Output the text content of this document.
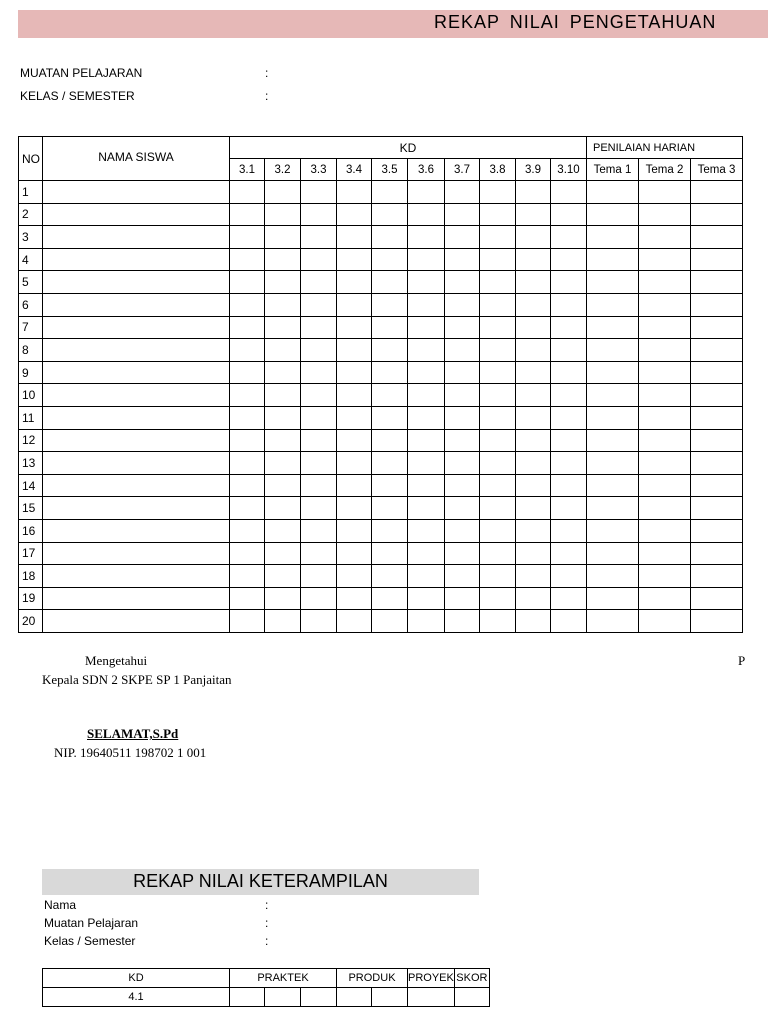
REKAP NILAI PENGETAHUAN
MUATAN PELAJARAN	:
KELAS / SEMESTER	:
NO	NAMA SISWA	KD										PENILAIAN HARIAN		
		3.1	3.2	3.3	3.4	3.5	3.6	3.7	3.8	3.9	3.10	Tema 1	Tema 2	Tema 3
1														
2														
3														
4														
5														
6														
7														
8														
9														
10														
11														
12														
13														
14														
15														
16														
17														
18														
19														
20														
Mengetahui
Kepala SDN 2 SKPE SP 1 Panjaitan
SELAMAT,S.Pd
NIP. 19640511 198702 1 001
P
REKAP NILAI KETERAMPILAN
Nama	:
Muatan Pelajaran	:
Kelas / Semester	:
KD	PRAKTEK			PRODUK		PROYEK	SKOR
4.1							
